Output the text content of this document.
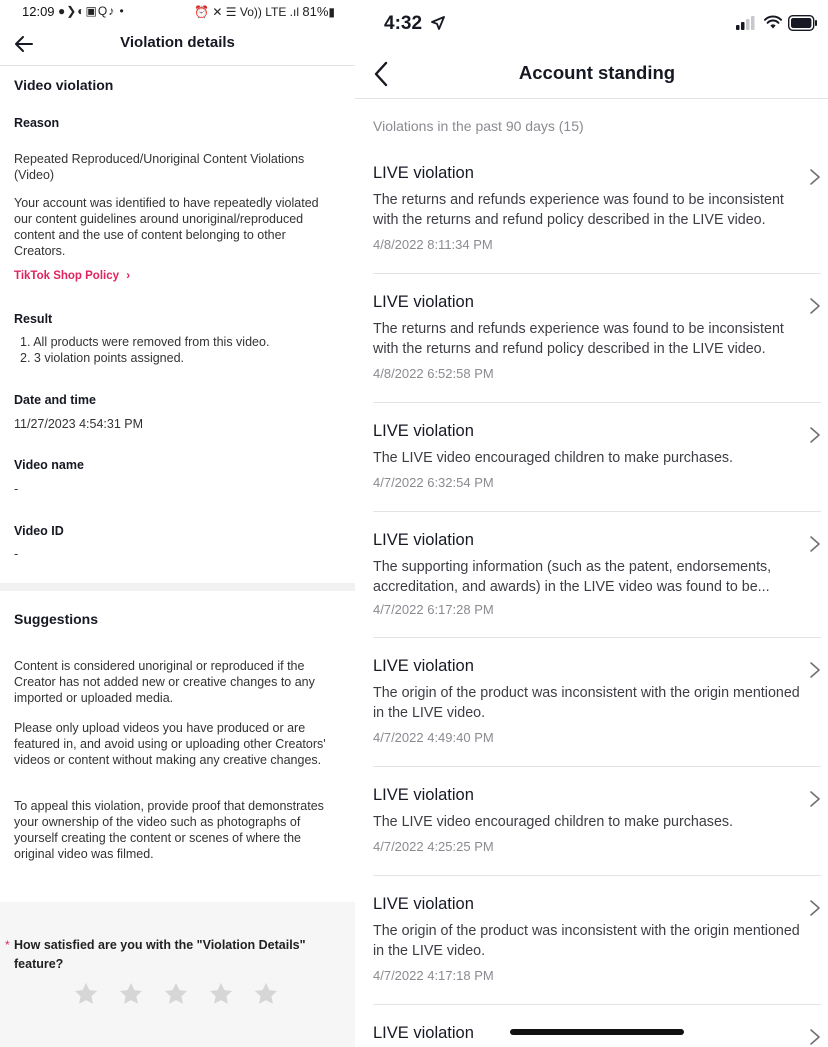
12:09 ●❯◐▣Q♪ •	⏰ ✕ ☰ Vo)) LTE .ıl 81%▮
Violation details
Video violation
Reason
Repeated Reproduced/Unoriginal Content Violations (Video)
Your account was identified to have repeatedly violated our content guidelines around unoriginal/reproduced content and the use of content belonging to other Creators.
TikTok Shop Policy ›
Result
1. All products were removed from this video.
2. 3 violation points assigned.
Date and time
11/27/2023 4:54:31 PM
Video name
-
Video ID
-
Suggestions
Content is considered unoriginal or reproduced if the Creator has not added new or creative changes to any imported or uploaded media.
Please only upload videos you have produced or are featured in, and avoid using or uploading other Creators' videos or content without making any creative changes.
To appeal this violation, provide proof that demonstrates your ownership of the video such as photographs of yourself creating the content or scenes of where the original video was filmed.
* How satisfied are you with the "Violation Details" feature?
4:32
Account standing
Violations in the past 90 days (15)
LIVE violation
The returns and refunds experience was found to be inconsistent with the returns and refund policy described in the LIVE video.
4/8/2022 8:11:34 PM
LIVE violation
The returns and refunds experience was found to be inconsistent with the returns and refund policy described in the LIVE video.
4/8/2022 6:52:58 PM
LIVE violation
The LIVE video encouraged children to make purchases.
4/7/2022 6:32:54 PM
LIVE violation
The supporting information (such as the patent, endorsements, accreditation, and awards) in the LIVE video was found to be...
4/7/2022 6:17:28 PM
LIVE violation
The origin of the product was inconsistent with the origin mentioned in the LIVE video.
4/7/2022 4:49:40 PM
LIVE violation
The LIVE video encouraged children to make purchases.
4/7/2022 4:25:25 PM
LIVE violation
The origin of the product was inconsistent with the origin mentioned in the LIVE video.
4/7/2022 4:17:18 PM
LIVE violation
